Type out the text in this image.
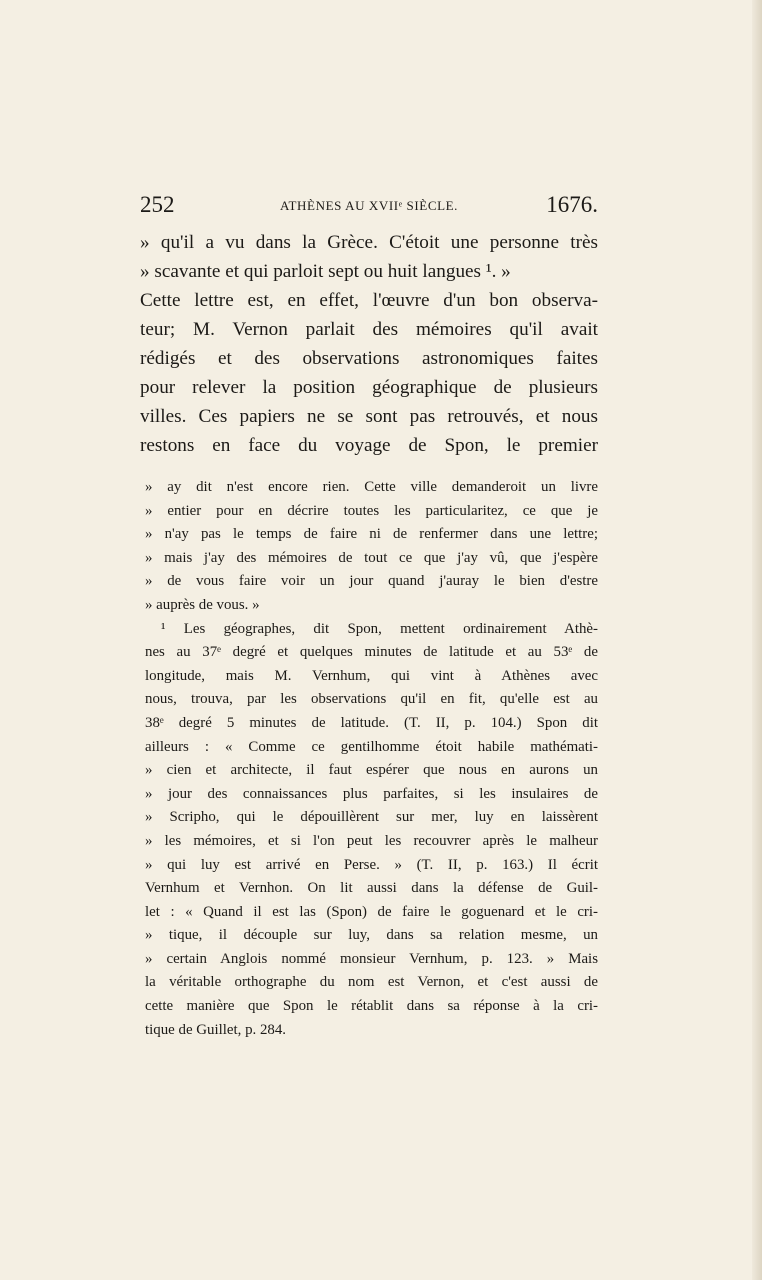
252	ATHÈNES AU XVIIᵉ SIÈCLE.	1676.
» qu'il a vu dans la Grèce. C'étoit une personne très
» scavante et qui parloit sept ou huit langues ¹. »
Cette lettre est, en effet, l'œuvre d'un bon observa-
teur; M. Vernon parlait des mémoires qu'il avait
rédigés et des observations astronomiques faites
pour relever la position géographique de plusieurs
villes. Ces papiers ne se sont pas retrouvés, et nous
restons en face du voyage de Spon, le premier
» ay dit n'est encore rien. Cette ville demanderoit un livre
» entier pour en décrire toutes les particularitez, ce que je
» n'ay pas le temps de faire ni de renfermer dans une lettre;
» mais j'ay des mémoires de tout ce que j'ay vû, que j'espère
» de vous faire voir un jour quand j'auray le bien d'estre
» auprès de vous. »
¹ Les géographes, dit Spon, mettent ordinairement Athè-
nes au 37ᵉ degré et quelques minutes de latitude et au 53ᵉ de
longitude, mais M. Vernhum, qui vint à Athènes avec
nous, trouva, par les observations qu'il en fit, qu'elle est au
38ᵉ degré 5 minutes de latitude. (T. II, p. 104.) Spon dit
ailleurs : « Comme ce gentilhomme étoit habile mathémati-
» cien et architecte, il faut espérer que nous en aurons un
» jour des connaissances plus parfaites, si les insulaires de
» Scripho, qui le dépouillèrent sur mer, luy en laissèrent
» les mémoires, et si l'on peut les recouvrer après le malheur
» qui luy est arrivé en Perse. » (T. II, p. 163.) Il écrit
Vernhum et Vernhon. On lit aussi dans la défense de Guil-
let : « Quand il est las (Spon) de faire le goguenard et le cri-
» tique, il découple sur luy, dans sa relation mesme, un
» certain Anglois nommé monsieur Vernhum, p. 123. » Mais
la véritable orthographe du nom est Vernon, et c'est aussi de
cette manière que Spon le rétablit dans sa réponse à la cri-
tique de Guillet, p. 284.
